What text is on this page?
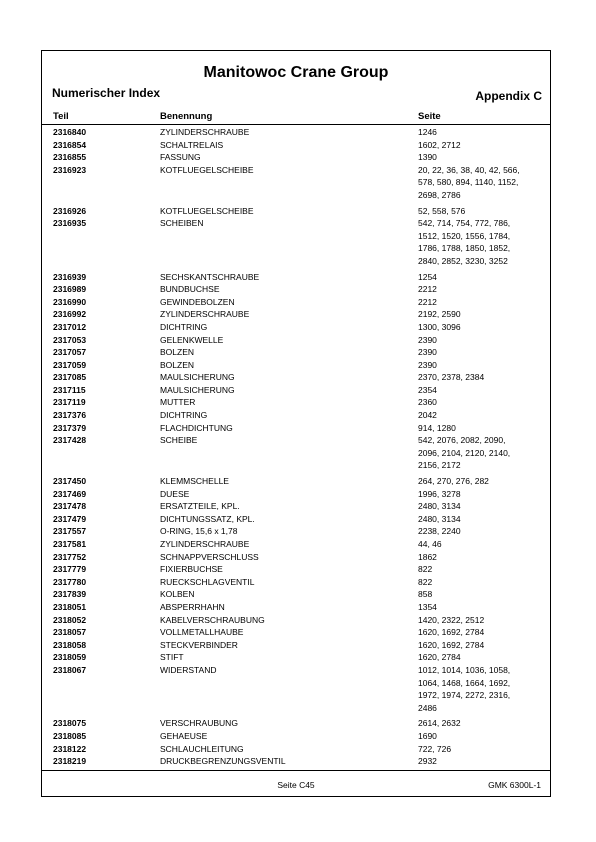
Manitowoc Crane Group
Numerischer Index	Appendix C
Teil	Benennung	Seite
2316840	ZYLINDERSCHRAUBE	1246
2316854	SCHALTRELAIS	1602, 2712
2316855	FASSUNG	1390
2316923	KOTFLUEGELSCHEIBE	20, 22, 36, 38, 40, 42, 566,
578, 580, 894, 1140, 1152,
2698, 2786
2316926	KOTFLUEGELSCHEIBE	52, 558, 576
2316935	SCHEIBEN	542, 714, 754, 772, 786,
1512, 1520, 1556, 1784,
1786, 1788, 1850, 1852,
2840, 2852, 3230, 3252
2316939	SECHSKANTSCHRAUBE	1254
2316989	BUNDBUCHSE	2212
2316990	GEWINDEBOLZEN	2212
2316992	ZYLINDERSCHRAUBE	2192, 2590
2317012	DICHTRING	1300, 3096
2317053	GELENKWELLE	2390
2317057	BOLZEN	2390
2317059	BOLZEN	2390
2317085	MAULSICHERUNG	2370, 2378, 2384
2317115	MAULSICHERUNG	2354
2317119	MUTTER	2360
2317376	DICHTRING	2042
2317379	FLACHDICHTUNG	914, 1280
2317428	SCHEIBE	542, 2076, 2082, 2090,
2096, 2104, 2120, 2140,
2156, 2172
2317450	KLEMMSCHELLE	264, 270, 276, 282
2317469	DUESE	1996, 3278
2317478	ERSATZTEILE, KPL.	2480, 3134
2317479	DICHTUNGSSATZ, KPL.	2480, 3134
2317557	O-RING, 15,6 x 1,78	2238, 2240
2317581	ZYLINDERSCHRAUBE	44, 46
2317752	SCHNAPPVERSCHLUSS	1862
2317779	FIXIERBUCHSE	822
2317780	RUECKSCHLAGVENTIL	822
2317839	KOLBEN	858
2318051	ABSPERRHAHN	1354
2318052	KABELVERSCHRAUBUNG	1420, 2322, 2512
2318057	VOLLMETALLHAUBE	1620, 1692, 2784
2318058	STECKVERBINDER	1620, 1692, 2784
2318059	STIFT	1620, 2784
2318067	WIDERSTAND	1012, 1014, 1036, 1058,
1064, 1468, 1664, 1692,
1972, 1974, 2272, 2316,
2486
2318075	VERSCHRAUBUNG	2614, 2632
2318085	GEHAEUSE	1690
2318122	SCHLAUCHLEITUNG	722, 726
2318219	DRUCKBEGRENZUNGSVENTIL	2932
Seite C45	GMK 6300L-1
